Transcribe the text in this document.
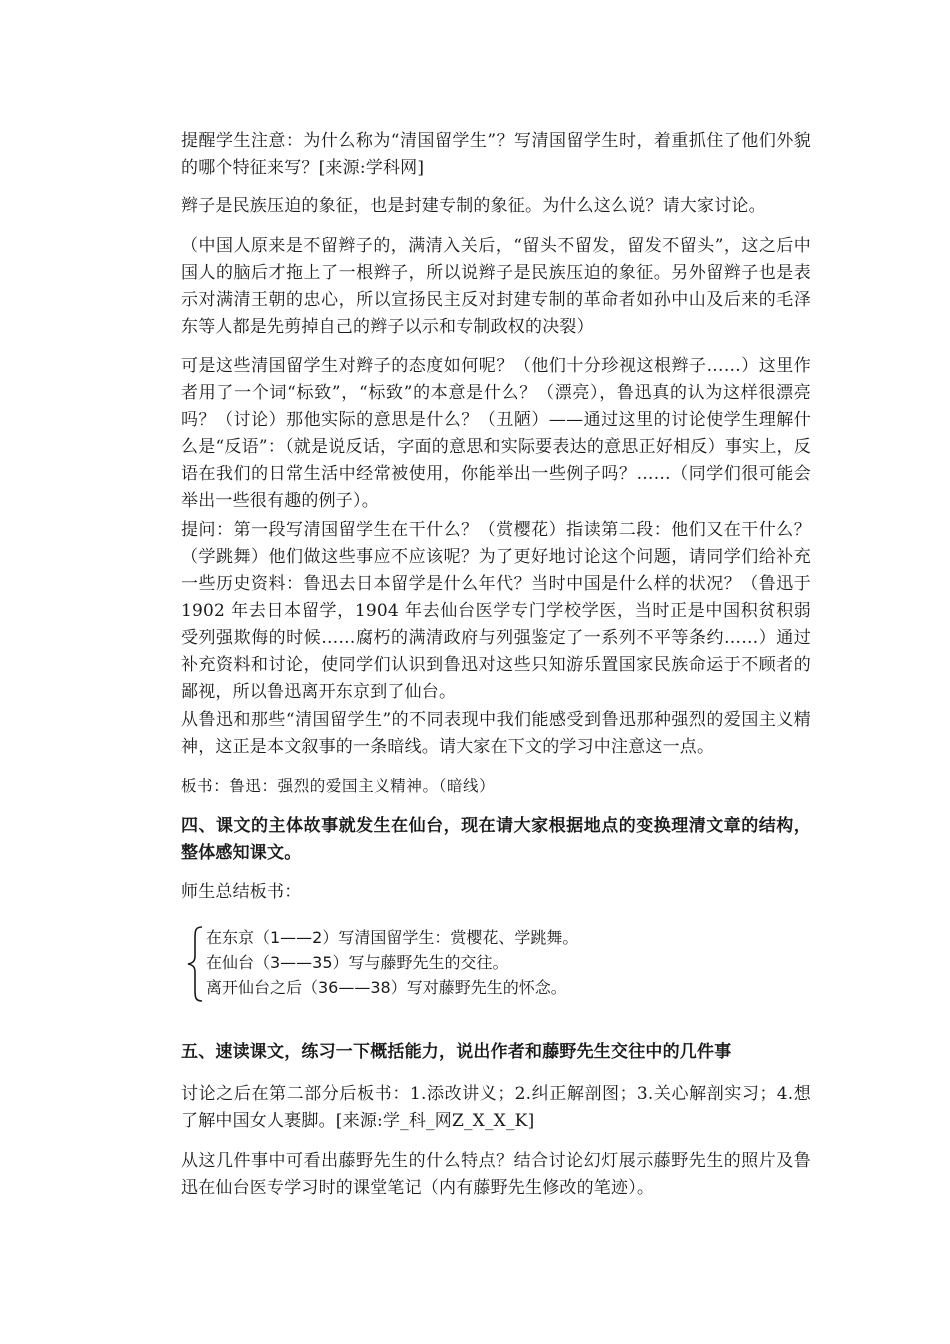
提醒学生注意：为什么称为“清国留学生”？写清国留学生时，着重抓住了他们外貌的哪个特征来写？[来源:学科网]

辫子是民族压迫的象征，也是封建专制的象征。为什么这么说？请大家讨论。

（中国人原来是不留辫子的，满清入关后，“留头不留发，留发不留头”，这之后中国人的脑后才拖上了一根辫子，所以说辫子是民族压迫的象征。另外留辫子也是表示对满清王朝的忠心，所以宣扬民主反对封建专制的革命者如孙中山及后来的毛泽东等人都是先剪掉自己的辫子以示和专制政权的决裂）

可是这些清国留学生对辫子的态度如何呢？（他们十分珍视这根辫子……）这里作者用了一个词“标致”，“标致”的本意是什么？（漂亮），鲁迅真的认为这样很漂亮吗？（讨论）那他实际的意思是什么？（丑陋）——通过这里的讨论使学生理解什么是“反语”：（就是说反话，字面的意思和实际要表达的意思正好相反）事实上，反语在我们的日常生活中经常被使用，你能举出一些例子吗？……（同学们很可能会举出一些很有趣的例子）。

提问：第一段写清国留学生在干什么？（赏樱花）指读第二段：他们又在干什么？（学跳舞）他们做这些事应不应该呢？为了更好地讨论这个问题，请同学们给补充一些历史资料：鲁迅去日本留学是什么年代？当时中国是什么样的状况？（鲁迅于 1902 年去日本留学，1904 年去仙台医学专门学校学医，当时正是中国积贫积弱受列强欺侮的时候……腐朽的满清政府与列强鉴定了一系列不平等条约……）通过补充资料和讨论，使同学们认识到鲁迅对这些只知游乐置国家民族命运于不顾者的鄙视，所以鲁迅离开东京到了仙台。

从鲁迅和那些“清国留学生”的不同表现中我们能感受到鲁迅那种强烈的爱国主义精神，这正是本文叙事的一条暗线。请大家在下文的学习中注意这一点。

板书：鲁迅：强烈的爱国主义精神。（暗线）

四、课文的主体故事就发生在仙台，现在请大家根据地点的变换理清文章的结构，整体感知课文。

师生总结板书：

在东京（1——2）写清国留学生：赏樱花、学跳舞。
在仙台（3——35）写与藤野先生的交往。
离开仙台之后（36——38）写对藤野先生的怀念。

五、速读课文，练习一下概括能力，说出作者和藤野先生交往中的几件事

讨论之后在第二部分后板书：1.添改讲义；2.纠正解剖图；3.关心解剖实习；4.想了解中国女人裹脚。[来源:学_科_网Z_X_X_K]

从这几件事中可看出藤野先生的什么特点？结合讨论幻灯展示藤野先生的照片及鲁迅在仙台医专学习时的课堂笔记（内有藤野先生修改的笔迹）。
